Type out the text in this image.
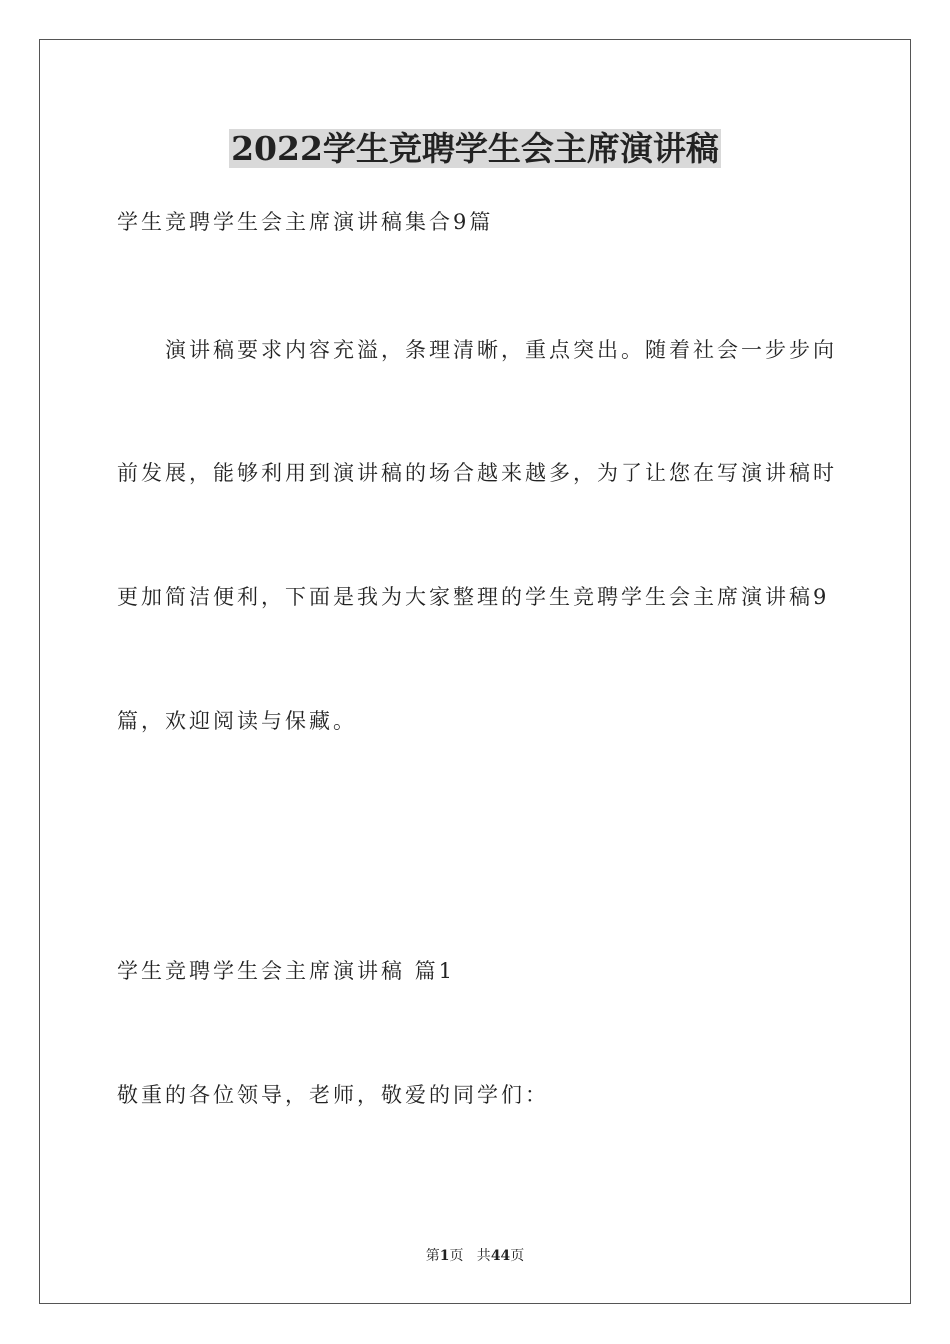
2022学生竞聘学生会主席演讲稿
学生竞聘学生会主席演讲稿集合9篇
演讲稿要求内容充溢，条理清晰，重点突出。随着社会一步步向
前发展，能够利用到演讲稿的场合越来越多，为了让您在写演讲稿时
更加简洁便利，下面是我为大家整理的学生竞聘学生会主席演讲稿9
篇，欢迎阅读与保藏。
学生竞聘学生会主席演讲稿 篇1
敬重的各位领导，老师，敬爱的同学们：
第1页   共44页
